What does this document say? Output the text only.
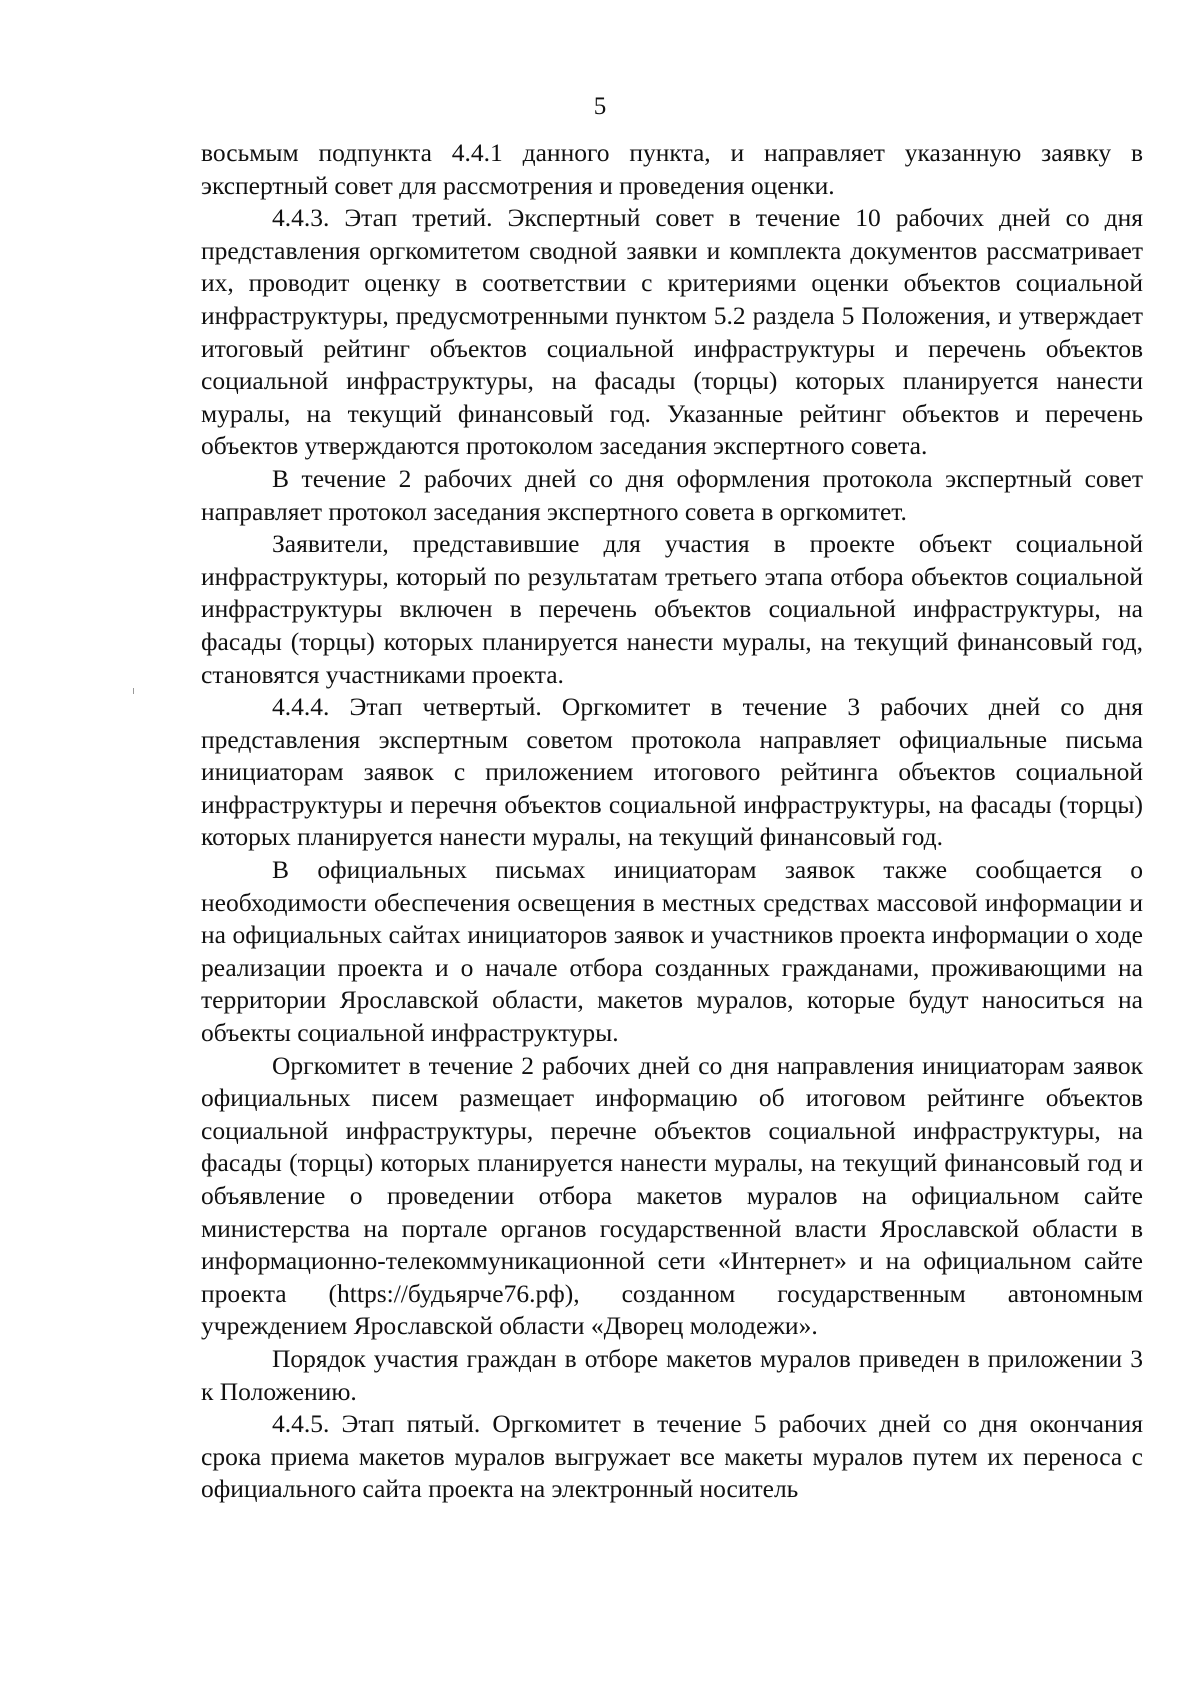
5

восьмым подпункта 4.4.1 данного пункта, и направляет указанную заявку в экспертный совет для рассмотрения и проведения оценки.

4.4.3. Этап третий. Экспертный совет в течение 10 рабочих дней со дня представления оргкомитетом сводной заявки и комплекта документов рассматривает их, проводит оценку в соответствии с критериями оценки объектов социальной инфраструктуры, предусмотренными пунктом 5.2 раздела 5 Положения, и утверждает итоговый рейтинг объектов социальной инфраструктуры и перечень объектов социальной инфраструктуры, на фасады (торцы) которых планируется нанести муралы, на текущий финансовый год. Указанные рейтинг объектов и перечень объектов утверждаются протоколом заседания экспертного совета.

В течение 2 рабочих дней со дня оформления протокола экспертный совет направляет протокол заседания экспертного совета в оргкомитет.

Заявители, представившие для участия в проекте объект социальной инфраструктуры, который по результатам третьего этапа отбора объектов социальной инфраструктуры включен в перечень объектов социальной инфраструктуры, на фасады (торцы) которых планируется нанести муралы, на текущий финансовый год, становятся участниками проекта.

4.4.4. Этап четвертый. Оргкомитет в течение 3 рабочих дней со дня представления экспертным советом протокола направляет официальные письма инициаторам заявок с приложением итогового рейтинга объектов социальной инфраструктуры и перечня объектов социальной инфраструктуры, на фасады (торцы) которых планируется нанести муралы, на текущий финансовый год.

В официальных письмах инициаторам заявок также сообщается о необходимости обеспечения освещения в местных средствах массовой информации и на официальных сайтах инициаторов заявок и участников проекта информации о ходе реализации проекта и о начале отбора созданных гражданами, проживающими на территории Ярославской области, макетов муралов, которые будут наноситься на объекты социальной инфраструктуры.

Оргкомитет в течение 2 рабочих дней со дня направления инициаторам заявок официальных писем размещает информацию об итоговом рейтинге объектов социальной инфраструктуры, перечне объектов социальной инфраструктуры, на фасады (торцы) которых планируется нанести муралы, на текущий финансовый год и объявление о проведении отбора макетов муралов на официальном сайте министерства на портале органов государственной власти Ярославской области в информационно-телекоммуникационной сети «Интернет» и на официальном сайте проекта (https://будьярче76.рф), созданном государственным автономным учреждением Ярославской области «Дворец молодежи».

Порядок участия граждан в отборе макетов муралов приведен в приложении 3 к Положению.

4.4.5. Этап пятый. Оргкомитет в течение 5 рабочих дней со дня окончания срока приема макетов муралов выгружает все макеты муралов путем их переноса с официального сайта проекта на электронный носитель
